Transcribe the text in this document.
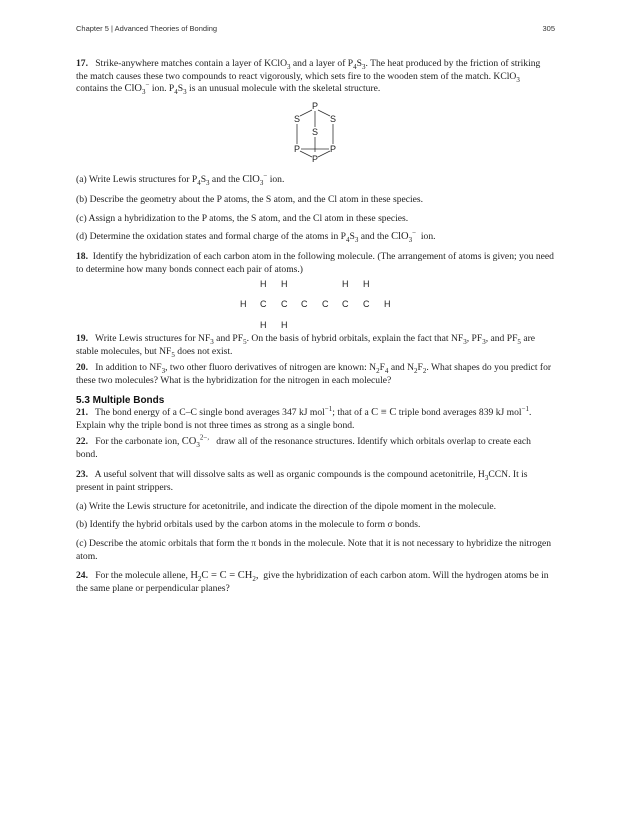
Chapter 5 | Advanced Theories of Bonding	305

17. Strike-anywhere matches contain a layer of KClO$_3$ and a layer of $P_4S_3$. The heat produced by the friction of striking the match causes these two compounds to react vigorously, which sets fire to the wooden stem of the match. KClO$_3$ contains the ClO$_3$− ion. $P_4S_3$ is an unusual molecule with the skeletal structure.

P
S	S
S
P	P
P

(a) Write Lewis structures for $P_4S_3$ and the ClO$_3$− ion.

(b) Describe the geometry about the P atoms, the S atom, and the Cl atom in these species.

(c) Assign a hybridization to the P atoms, the S atom, and the Cl atom in these species.

(d) Determine the oxidation states and formal charge of the atoms in $P_4S_3$ and the ClO$_3$−  ion.

18. Identify the hybridization of each carbon atom in the following molecule. (The arrangement of atoms is given; you need to determine how many bonds connect each pair of atoms.)

H H	H H
H C C C C C C H
H H

19. Write Lewis structures for $NF_3$ and $PF_5$. On the basis of hybrid orbitals, explain the fact that $NF_3$, $PF_3$, and $PF_5$ are stable molecules, but $NF_5$ does not exist.

20. In addition to $NF_3$, two other fluoro derivatives of nitrogen are known: $N_2F_4$ and $N_2F_2$. What shapes do you predict for these two molecules? What is the hybridization for the nitrogen in each molecule?

5.3 Multiple Bonds

21. The bond energy of a C–C single bond averages 347 kJ mol$^{-1}$; that of a C ≡ C triple bond averages 839 kJ mol$^{-1}$. Explain why the triple bond is not three times as strong as a single bond.

22. For the carbonate ion, $CO_3^{2-,}$   draw all of the resonance structures. Identify which orbitals overlap to create each bond.

23. A useful solvent that will dissolve salts as well as organic compounds is the compound acetonitrile, $H_3CCN$. It is present in paint strippers.

(a) Write the Lewis structure for acetonitrile, and indicate the direction of the dipole moment in the molecule.

(b) Identify the hybrid orbitals used by the carbon atoms in the molecule to form σ bonds.

(c) Describe the atomic orbitals that form the π bonds in the molecule. Note that it is not necessary to hybridize the nitrogen atom.

24. For the molecule allene, $H_2C = C = CH_2$,  give the hybridization of each carbon atom. Will the hydrogen atoms be in the same plane or perpendicular planes?
